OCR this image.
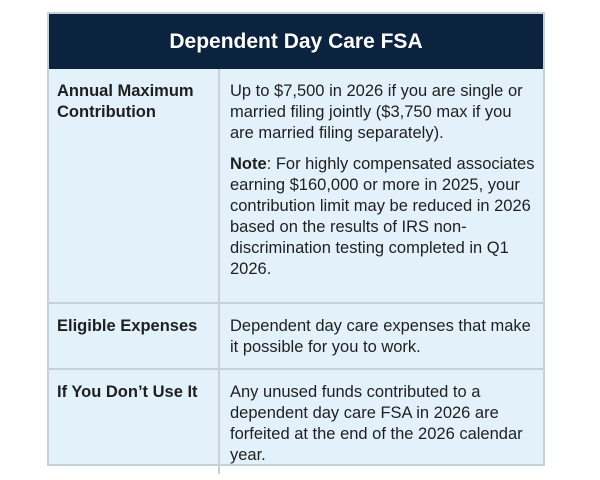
Dependent Day Care FSA
Annual Maximum Contribution

Up to $7,500 in 2026 if you are single or married filing jointly ($3,750 max if you are married filing separately).

Note: For highly compensated associates earning $160,000 or more in 2025, your contribution limit may be reduced in 2026 based on the results of IRS non-discrimination testing completed in Q1 2026.

Eligible Expenses	Dependent day care expenses that make it possible for you to work.

If You Don’t Use It	Any unused funds contributed to a dependent day care FSA in 2026 are forfeited at the end of the 2026 calendar year.
